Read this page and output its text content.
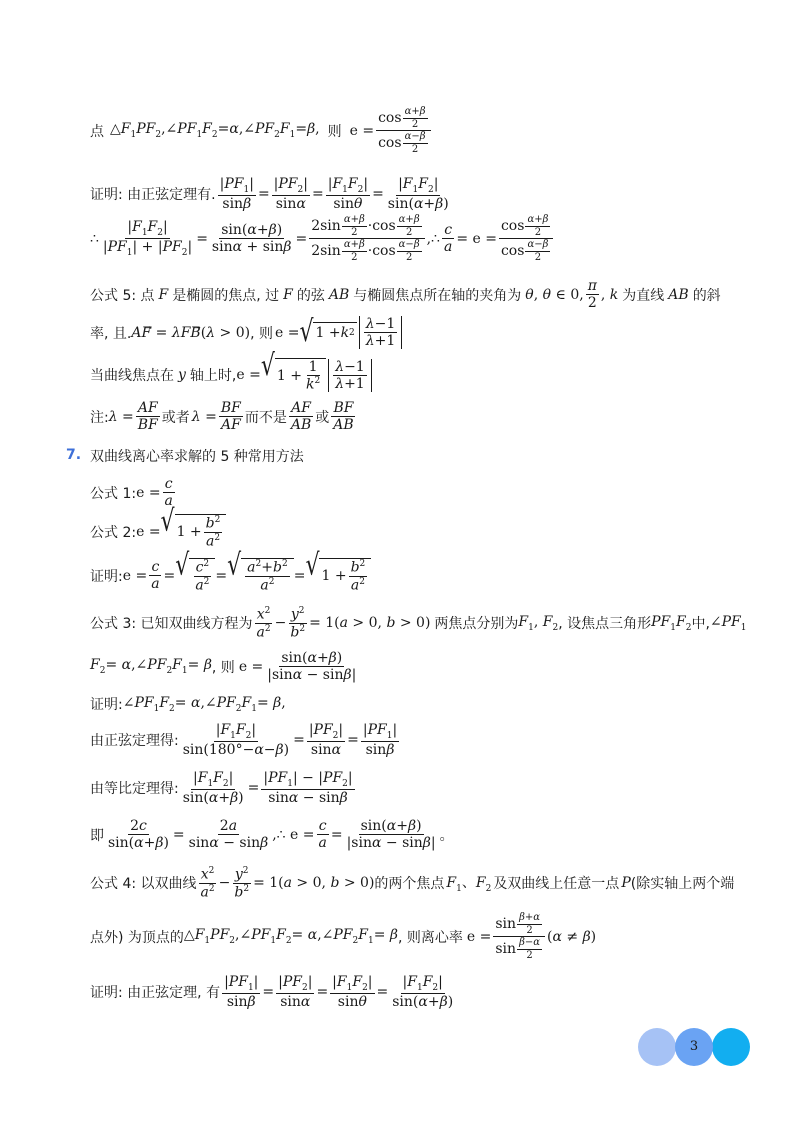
点 $\triangle F_1PF_2,\angle PF_1F_2=\alpha,\angle PF_2F_1=\beta$, 则 $e = \frac{\cos \frac{\alpha+\beta}{2}}{\cos \frac{\alpha-\beta}{2}}$
证明: 由正弦定理有. $\frac{|PF_1|}{\sin\beta} = \frac{|PF_2|}{\sin\alpha} = \frac{|F_1F_2|}{\sin\theta} = \frac{|F_1F_2|}{\sin(\alpha+\beta)}$
∴ $\frac{|F_1F_2|}{|PF_1| + |PF_2|} = \frac{\sin(\alpha+\beta)}{\sin\alpha + \sin\beta} = \frac{2\sin \frac{\alpha+\beta}{2} \cdot\cos \frac{\alpha+\beta}{2}}{2\sin \frac{\alpha+\beta}{2} \cdot\cos \frac{\alpha-\beta}{2}}$ ,∴ $\frac{c}{a} = e = \frac{\cos \frac{\alpha+\beta}{2}}{\cos \frac{\alpha-\beta}{2}}$
公式 5: 点 F 是椭圆的焦点, 过 F 的弦 AB 与椭圆焦点所在轴的夹角为 θ, θ ∈ 0, $\frac{\pi}{2}$ , k 为直线 AB 的斜
率, 且. AF⃗ = λFB⃗(λ > 0) , 则 e = √ 1 + k $2 \frac{\lambda-1}{\lambda+1}$
当曲线焦点在 y 轴上时, e = √ $1 + \frac{1}{k^2} \frac{\lambda-1}{\lambda+1}$
注: $\lambda = \frac{AF}{BF}$ 或者 $\lambda = \frac{BF}{AF}$ 而不是 $\frac{AF}{AB}$ 或 $\frac{BF}{AB}$
7. 双曲线离心率求解的 5 种常用方法
公式 1: $e = \frac{c}{a}$
公式 2: e = √ $1 + \frac{b^2}{a^2}$
证明: $e = \frac{c}{a}$ = √ $\frac{c^2}{a^2}$ = √ $\frac{a^2+b^2}{a^2}$ = √ $1 + \frac{b^2}{a^2}$
公式 3: 已知双曲线方程为 $\frac{x^2}{a^2} - \frac{y^2}{b^2} = 1(a > 0$, b > 0) 两焦点分别为 $F_1$, $F_2$ , 设焦点三角形 $PF_1F_2$ 中, $\angle PF_1$
$F_2=$ $\alpha,\angle PF_2F_1= \beta$ , 则 $e = \frac{\sin(\alpha+\beta)}{|\sin\alpha - \sin\beta|}$
证明: $\angle PF_1F_2=$ $\alpha,\angle PF_2F_1= \beta$,
由正弦定理得: $\frac{|F_1F_2|}{\sin(180^\circ-\alpha-\beta)} = \frac{|PF_2|}{\sin\alpha} = \frac{|PF_1|}{\sin\beta}$
由等比定理得: $\frac{|F_1F_2|}{\sin(\alpha+\beta)} = \frac{|PF_1| - |PF_2|}{\sin\alpha - \sin\beta}$
即 $\frac{2c}{\sin(\alpha+\beta)} = \frac{2a}{\sin\alpha - \sin\beta}$ ,∴ $e = \frac{c}{a} = \frac{\sin(\alpha+\beta)}{|\sin\alpha - \sin\beta|}$ 。
公式 4: 以双曲线 $\frac{x^2}{a^2} - \frac{y^2}{b^2} = 1(a > 0$, b > 0) 的两个焦点 $F_1$、$F_2$ 及双曲线上任意一点 P (除实轴上两个端
点外) 为顶点的 $\triangle F_1PF_2,\angle PF_1F_2=$ $\alpha,\angle PF_2F_1= \beta$ , 则离心率 $e = \frac{\sin \frac{\beta+\alpha}{2}}{\sin \frac{\beta-\alpha}{2}} (\alpha \ne \beta)$
证明: 由正弦定理, 有 $\frac{|PF_1|}{\sin\beta} = \frac{|PF_2|}{\sin\alpha} = \frac{|F_1F_2|}{\sin\theta} = \frac{|F_1F_2|}{\sin(\alpha+\beta)}$
3
